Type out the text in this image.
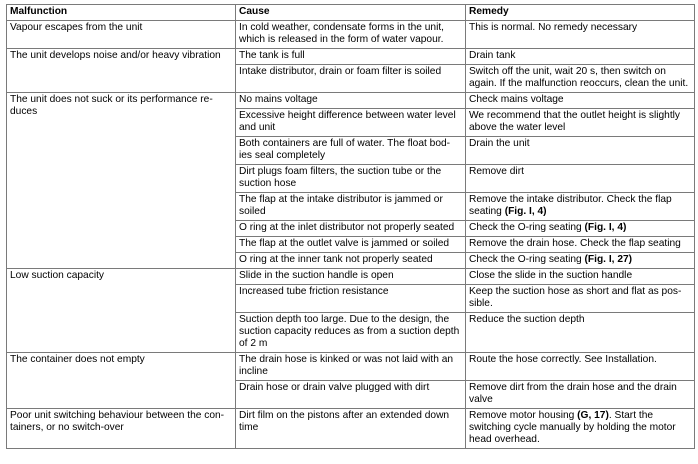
Malfunction	Cause	Remedy
Vapour escapes from the unit	In cold weather, condensate forms in the unit, which is released in the form of water vapour.	This is normal. No remedy necessary
The unit develops noise and/or heavy vibration	The tank is full	Drain tank
	Intake distributor, drain or foam filter is soiled	Switch off the unit, wait 20 s, then switch on again. If the malfunction reoccurs, clean the unit.
The unit does not suck or its performance re-duces	No mains voltage	Check mains voltage
	Excessive height difference between water level and unit	We recommend that the outlet height is slightly above the water level
	Both containers are full of water. The float bod-ies seal completely	Drain the unit
	Dirt plugs foam filters, the suction tube or the suction hose	Remove dirt
	The flap at the intake distributor is jammed or soiled	Remove the intake distributor. Check the flap seating (Fig. I, 4)
	O ring at the inlet distributor not properly seated	Check the O-ring seating (Fig. I, 4)
	The flap at the outlet valve is jammed or soiled	Remove the drain hose. Check the flap seating
	O ring at the inner tank not properly seated	Check the O-ring seating (Fig. I, 27)
Low suction capacity	Slide in the suction handle is open	Close the slide in the suction handle
	Increased tube friction resistance	Keep the suction hose as short and flat as pos-sible.
	Suction depth too large. Due to the design, the suction capacity reduces as from a suction depth of 2 m	Reduce the suction depth
The container does not empty	The drain hose is kinked or was not laid with an incline	Route the hose correctly. See Installation.
	Drain hose or drain valve plugged with dirt	Remove dirt from the drain hose and the drain valve
Poor unit switching behaviour between the con-tainers, or no switch-over	Dirt film on the pistons after an extended down time	Remove motor housing (G, 17). Start the switching cycle manually by holding the motor head overhead.
